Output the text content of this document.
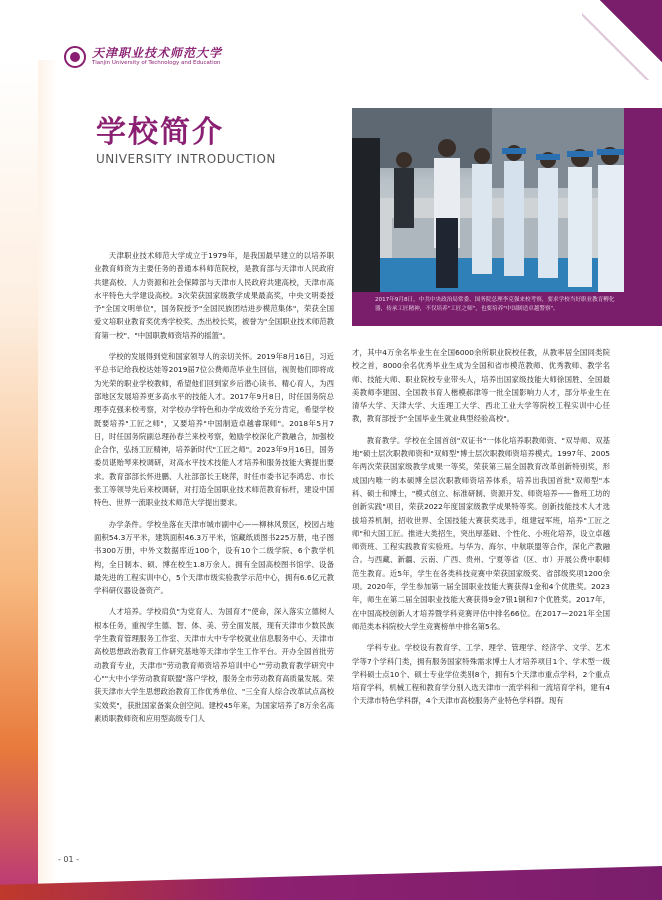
天津职业技术师范大学
Tianjin University of Technology and Education
学校简介
UNIVERSITY INTRODUCTION
2017年9月8日，中共中央政治局常委、国务院总理李克强来校考察，要求学校当好职业教育孵化器，传承工匠精神，不仅培养"工匠之师"，也要培养"中国制造卓越警察"。

天津职业技术师范大学成立于1979年，是我国最早建立的以培养职业教育师资为主要任务的普通本科师范院校，是教育部与天津市人民政府共建高校、人力资源和社会保障部与天津市人民政府共建高校，天津市高水平特色大学建设高校。3次荣获国家级教学成果最高奖，中央文明委授予"全国文明单位"，国务院授予"全国民族团结进步模范集体"，荣获全国爱文培职业教育奖优秀学校奖、杰出校长奖，被誉为"全国职业技术师范教育第一校"、"中国职教师资培养的摇篮"。

学校的发展得到党和国家领导人的亲切关怀。2019年8月16日，习近平总书记给我校达娃等2019届7位公费师范毕业生回信，视贺他们即将成为光荣的职业学校教师，希望他们回到家乡后潜心读书、精心育人，为西部地区发展培养更多高水平的技能人才。2017年9月8日，时任国务院总理李克强来校考察，对学校办学特色和办学成效给予充分肯定，希望学校既要培养"工匠之师"，又要培养"中国制造卓越睿琛师"。2018年5月7日，时任国务院副总理孙春兰来校考察，勉励学校深化产教融合，加强校企合作，弘扬工匠精神，培养新时代"工匠之师"。2023年9月16日，国务委员谌贻琴来校调研，对高水平技术技能人才培养和服务技能大赛提出要求。教育部部长怀进鹏、人社部部长王晓萍，时任市委书记李鸿忠、市长张工等领导先后来校调研，对打造全国职业技术师范教育标杆，建设中国特色、世界一流职业技术师范大学提出要求。

办学条件。学校坐落在天津市城市副中心——柳林风景区，校园占地面积54.3万平米，建筑面积46.3万平米，馆藏纸质图书225万册，电子图书300万册，中外文数据库近100个，设有10个二级学院、6个教学机构，全日制本、硕、博在校生1.8万余人。拥有全国高校图书馆学、设备最先进的工程实训中心，5个天津市级实验教学示范中心，拥有6.6亿元教学科研仪器设备资产。

人才培养。学校肩负"为党育人、为国育才"使命，深入落实立德树人根本任务，重视学生德、智、体、美、劳全面发展，现有天津市少数民族学生教育管理服务工作室、天津市大中专学校就业信息服务中心、天津市高校思想政治教育工作研究基地等天津市学生工作平台。开办全国首批劳动教育专业，天津市"劳动教育师资培养培训中心""劳动教育教学研究中心""大中小学劳动教育联盟"落户学校，服务全市劳动教育高质量发展。荣获天津市大学生思想政治教育工作优秀单位、"三全育人综合改革试点高校实效奖"，获批国家备案众创空间。建校45年来，为国家培养了8万余名高素质职教师资和应用型高级专门人

才，其中4万余名毕业生在全国6000余所职业院校任教，从教率居全国同类院校之首，8000余名优秀毕业生成为全国和省市模范教师、优秀教师、教学名师、技能大师、职业院校专业带头人，培养出国家级技能大师徐国胜、全国最美教师李建国、全国教书育人楷模郝津等一批全国影响力人才，部分毕业生在清华大学、天津大学、大连理工大学、西北工业大学等院校工程实训中心任教，教育部授予"全国毕业生就业典型经验高校"。

教育教学。学校在全国首创"双证书"一体化培养职教师资、"双导师、双基地"硕士层次职教师资和"双师型"博士层次职教师资培养模式。1997年、2005年两次荣获国家级教学成果一等奖，荣获第三届全国教育改革创新特别奖，形成国内唯一的本硕博全层次职教师资培养体系，培养出我国首批"双师型"本科、硕士和博士，"模式创立、标准研制、资源开发、师资培养——鲁班工坊的创新实践"项目，荣获2022年度国家级教学成果特等奖。创新技能技术人才选拔培养机制，招收世界、全国技能大赛获奖选手，组建冠军班，培养"工匠之师"和大国工匠。推进大类招生，突出厚基础、个性化、小班化培养，设立卓越师资班、工程实践教育实验班。与华为、海尔、中航联盟等合作，深化产教融合。与西藏、新疆、云南、广西、贵州、宁夏等省（区、市）开展公费中职师范生教育。近5年，学生在各类科技竞赛中荣获国家级奖、省部级奖项1200余项。2020年，学生参加第一届全国职业技能大赛获得1金和4个优胜奖。2023年，师生在第二届全国职业技能大赛获得9金7银1铜和7个优胜奖。2017年，在中国高校创新人才培养暨学科竞赛评估中排名66位。在2017—2021年全国师范类本科院校大学生竞赛榜单中排名第5名。

学科专业。学校设有教育学、工学、理学、管理学、经济学、文学、艺术学等7个学科门类，拥有服务国家特殊需求博士人才培养项目1个、学术型一级学科硕士点10个、硕士专业学位类别8个，拥有5个天津市重点学科，2个重点培育学科，机械工程和教育学分别入选天津市一流学科和一流培育学科，建有4个天津市特色学科群，4个天津市高校服务产业特色学科群。现有

- 01 -
